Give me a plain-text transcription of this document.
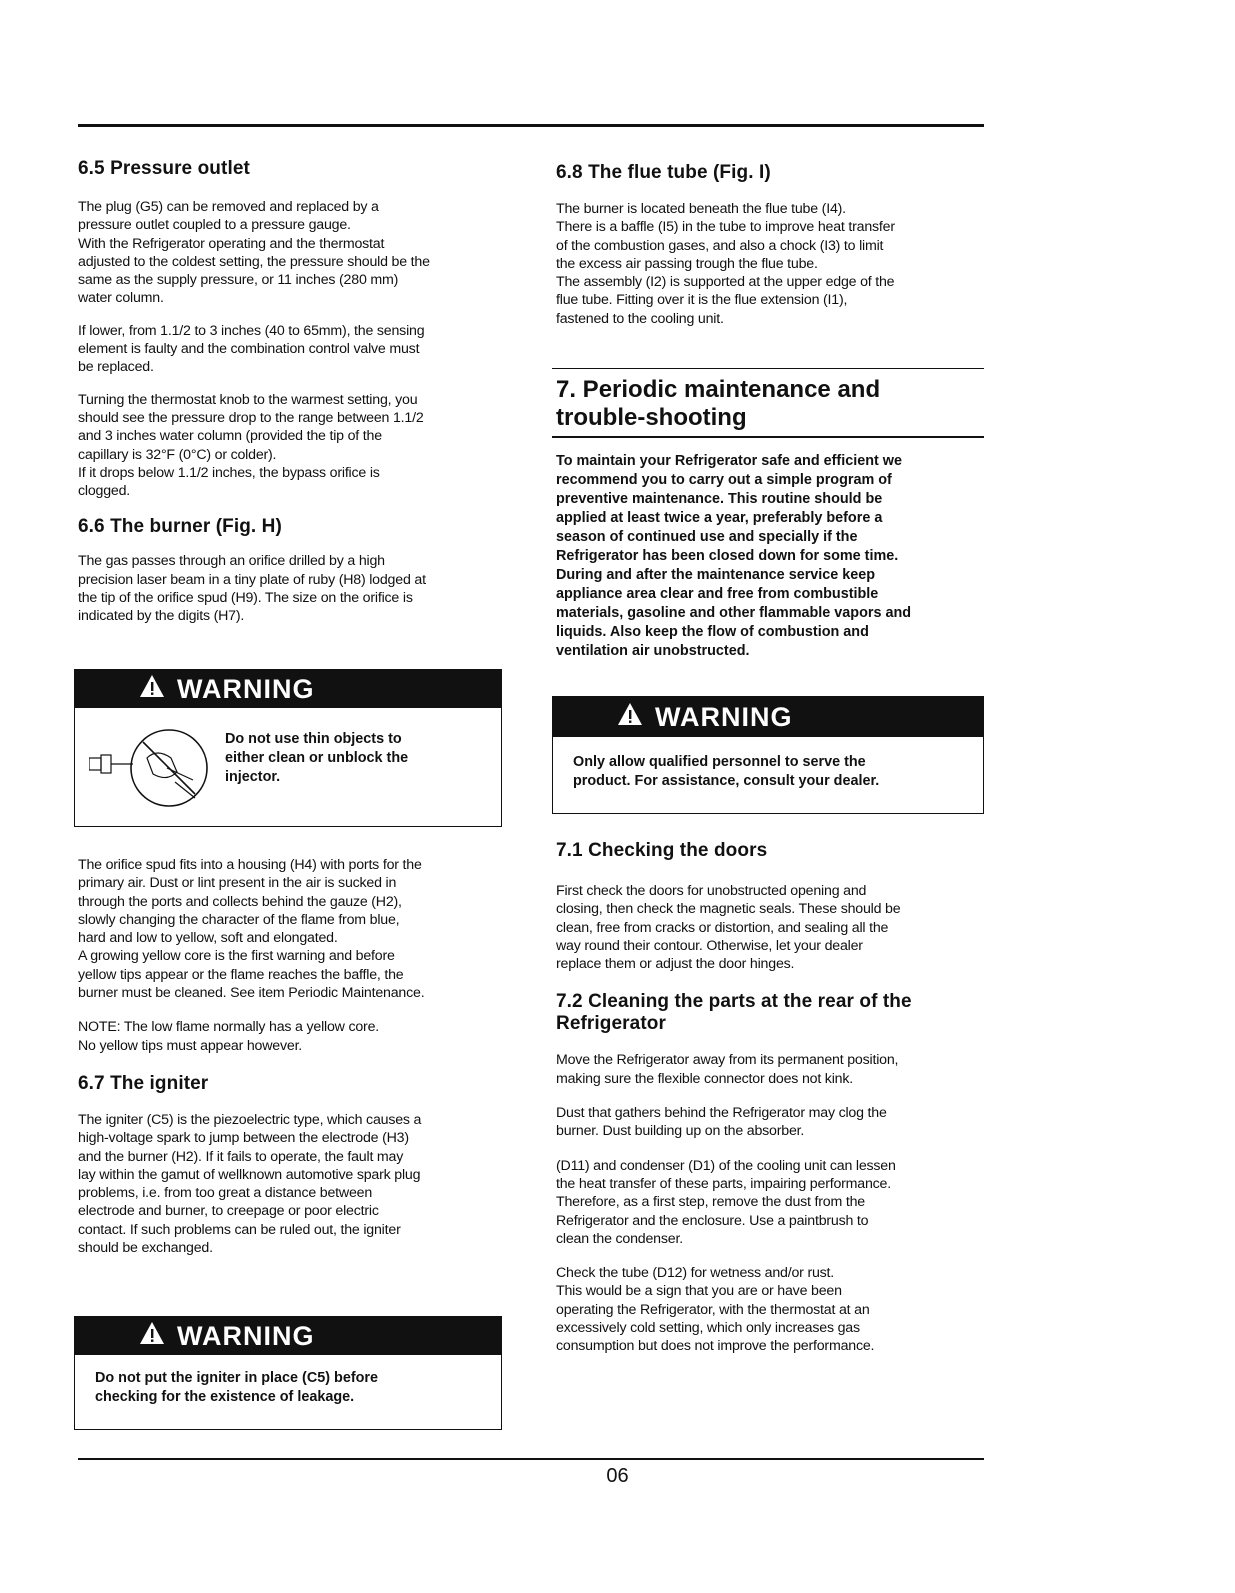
6.5 Pressure outlet

The plug (G5) can be removed and replaced by a
pressure outlet coupled to a pressure gauge.
With the Refrigerator operating and the thermostat
adjusted to the coldest setting, the pressure should be the
same as the supply pressure, or 11 inches (280 mm)
water column.

If lower, from 1.1/2 to 3 inches (40 to 65mm), the sensing
element is faulty and the combination control valve must
be replaced.

Turning the thermostat knob to the warmest setting, you
should see the pressure drop to the range between 1.1/2
and 3 inches water column (provided the tip of the
capillary is 32°F (0°C) or colder).
If it drops below 1.1/2 inches, the bypass orifice is
clogged.

6.6 The burner (Fig. H)

The gas passes through an orifice drilled by a high
precision laser beam in a tiny plate of ruby (H8) lodged at
the tip of the orifice spud (H9). The size on the orifice is
indicated by the digits (H7).

WARNING
Do not use thin objects to
either clean or unblock the
injector.

The orifice spud fits into a housing (H4) with ports for the
primary air. Dust or lint present in the air is sucked in
through the ports and collects behind the gauze (H2),
slowly changing the character of the flame from blue,
hard and low to yellow, soft and elongated.
A growing yellow core is the first warning and before
yellow tips appear or the flame reaches the baffle, the
burner must be cleaned. See item Periodic Maintenance.

NOTE: The low flame normally has a yellow core.
No yellow tips must appear however.

6.7 The igniter

The igniter (C5) is the piezoelectric type, which causes a
high-voltage spark to jump between the electrode (H3)
and the burner (H2). If it fails to operate, the fault may
lay within the gamut of wellknown automotive spark plug
problems, i.e. from too great a distance between
electrode and burner, to creepage or poor electric
contact. If such problems can be ruled out, the igniter
should be exchanged.

WARNING
Do not put the igniter in place (C5) before
checking for the existence of leakage.
6.8 The flue tube (Fig. I)

The burner is located beneath the flue tube (I4).
There is a baffle (I5) in the tube to improve heat transfer
of the combustion gases, and also a chock (I3) to limit
the excess air passing trough the flue tube.
The assembly (I2) is supported at the upper edge of the
flue tube. Fitting over it is the flue extension (I1),
fastened to the cooling unit.

7. Periodic maintenance and
trouble-shooting

To maintain your Refrigerator safe and efficient we
recommend you to carry out a simple program of
preventive maintenance. This routine should be
applied at least twice a year, preferably before a
season of continued use and specially if the
Refrigerator has been closed down for some time.
During and after the maintenance service keep
appliance area clear and free from combustible
materials, gasoline and other flammable vapors and
liquids. Also keep the flow of combustion and
ventilation air unobstructed.

WARNING
Only allow qualified personnel to serve the
product. For assistance, consult your dealer.
7.1 Checking the doors

First check the doors for unobstructed opening and
closing, then check the magnetic seals. These should be
clean, free from cracks or distortion, and sealing all the
way round their contour. Otherwise, let your dealer
replace them or adjust the door hinges.

7.2 Cleaning the parts at the rear of the
Refrigerator

Move the Refrigerator away from its permanent position,
making sure the flexible connector does not kink.

Dust that gathers behind the Refrigerator may clog the
burner. Dust building up on the absorber.

(D11) and condenser (D1) of the cooling unit can lessen
the heat transfer of these parts, impairing performance.
Therefore, as a first step, remove the dust from the
Refrigerator and the enclosure. Use a paintbrush to
clean the condenser.

Check the tube (D12) for wetness and/or rust.
This would be a sign that you are or have been
operating the Refrigerator, with the thermostat at an
excessively cold setting, which only increases gas
consumption but does not improve the performance.

06
